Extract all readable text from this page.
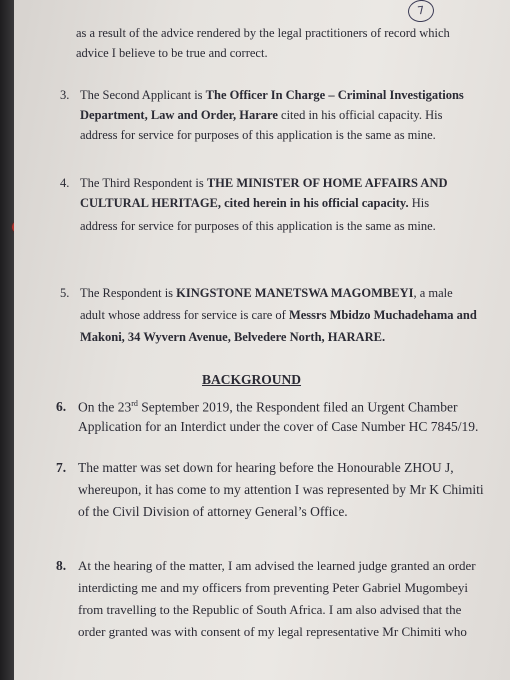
7
as a result of the advice rendered by the legal practitioners of record which
advice I believe to be true and correct.
3. The Second Applicant is The Officer In Charge – Criminal Investigations
Department, Law and Order, Harare cited in his official capacity. His
address for service for purposes of this application is the same as mine.
4. The Third Respondent is THE MINISTER OF HOME AFFAIRS AND
CULTURAL HERITAGE, cited herein in his official capacity. His
address for service for purposes of this application is the same as mine.
5. The Respondent is KINGSTONE MANETSWA MAGOMBEYI, a male
adult whose address for service is care of Messrs Mbidzo Muchadehama and
Makoni, 34 Wyvern Avenue, Belvedere North, HARARE.
BACKGROUND
6. On the 23rd September 2019, the Respondent filed an Urgent Chamber
Application for an Interdict under the cover of Case Number HC 7845/19.
7. The matter was set down for hearing before the Honourable ZHOU J,
whereupon, it has come to my attention I was represented by Mr K Chimiti
of the Civil Division of attorney General’s Office.
8. At the hearing of the matter, I am advised the learned judge granted an order
interdicting me and my officers from preventing Peter Gabriel Mugombeyi
from travelling to the Republic of South Africa. I am also advised that the
order granted was with consent of my legal representative Mr Chimiti who
